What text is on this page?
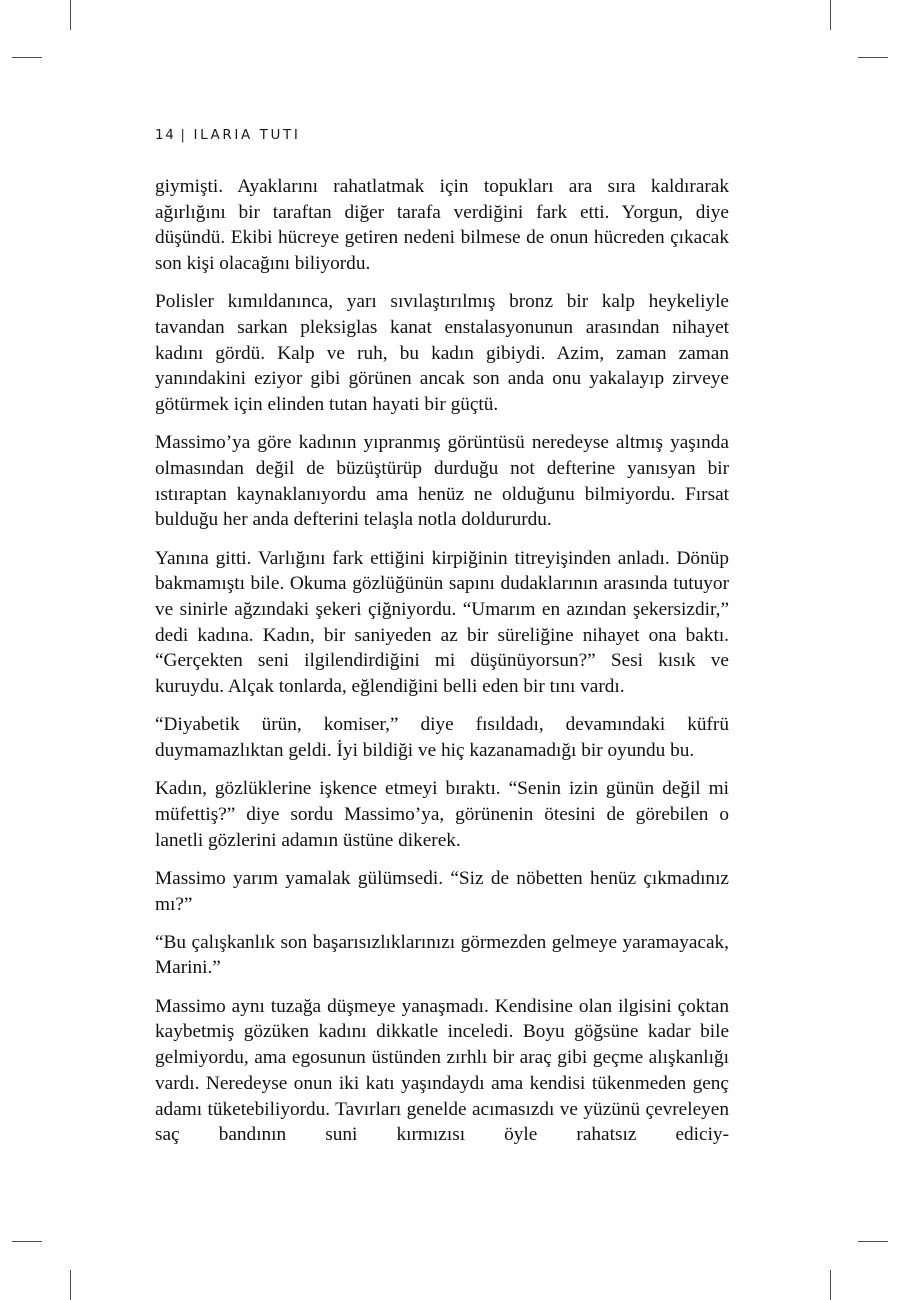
14 | ILARIA TUTI

giymişti. Ayaklarını rahatlatmak için topukları ara sıra kaldırarak ağırlığını bir taraftan diğer tarafa verdiğini fark etti. Yorgun, diye düşündü. Ekibi hücreye getiren nedeni bilmese de onun hücreden çıkacak son kişi olacağını biliyordu.

Polisler kımıldanınca, yarı sıvılaştırılmış bronz bir kalp heykeliyle tavandan sarkan pleksiglas kanat enstalasyonunun arasından nihayet kadını gördü. Kalp ve ruh, bu kadın gibiydi. Azim, zaman zaman yanındakini eziyor gibi görünen ancak son anda onu yakalayıp zirveye götürmek için elinden tutan hayati bir güçtü.

Massimo’ya göre kadının yıpranmış görüntüsü neredeyse altmış yaşında olmasından değil de büzüştürüp durduğu not defterine yanısyan bir ıstıraptan kaynaklanıyordu ama henüz ne olduğunu bilmiyordu. Fırsat bulduğu her anda defterini telaşla notla doldururdu.

Yanına gitti. Varlığını fark ettiğini kirpiğinin titreyişinden anladı. Dönüp bakmamıştı bile. Okuma gözlüğünün sapını dudaklarının arasında tutuyor ve sinirle ağzındaki şekeri çiğniyordu. “Umarım en azından şekersizdir,” dedi kadına. Kadın, bir saniyeden az bir süreliğine nihayet ona baktı. “Gerçekten seni ilgilendirdiğini mi düşünüyorsun?” Sesi kısık ve kuruydu. Alçak tonlarda, eğlendiğini belli eden bir tını vardı.

“Diyabetik ürün, komiser,” diye fısıldadı, devamındaki küfrü duymamazlıktan geldi. İyi bildiği ve hiç kazanamadığı bir oyundu bu.

Kadın, gözlüklerine işkence etmeyi bıraktı. “Senin izin günün değil mi müfettiş?” diye sordu Massimo’ya, görünenin ötesini de görebilen o lanetli gözlerini adamın üstüne dikerek.

Massimo yarım yamalak gülümsedi. “Siz de nöbetten henüz çıkmadınız mı?”

“Bu çalışkanlık son başarısızlıklarınızı görmezden gelmeye yaramayacak, Marini.”

Massimo aynı tuzağa düşmeye yanaşmadı. Kendisine olan ilgisini çoktan kaybetmiş gözüken kadını dikkatle inceledi. Boyu göğsüne kadar bile gelmiyordu, ama egosunun üstünden zırhlı bir araç gibi geçme alışkanlığı vardı. Neredeyse onun iki katı yaşındaydı ama kendisi tükenmeden genç adamı tüketebiliyordu. Tavırları genelde acımasızdı ve yüzünü çevreleyen saç bandının suni kırmızısı öyle rahatsız ediciy-
